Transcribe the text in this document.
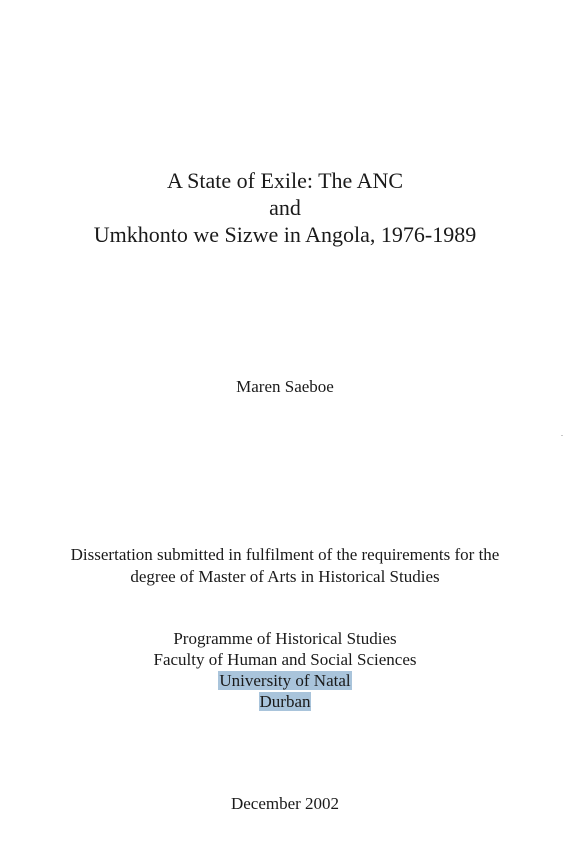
A State of Exile: The ANC
and
Umkhonto we Sizwe in Angola, 1976-1989
Maren Saeboe
Dissertation submitted in fulfilment of the requirements for the
degree of Master of Arts in Historical Studies
Programme of Historical Studies
Faculty of Human and Social Sciences
University of Natal
Durban
December 2002
